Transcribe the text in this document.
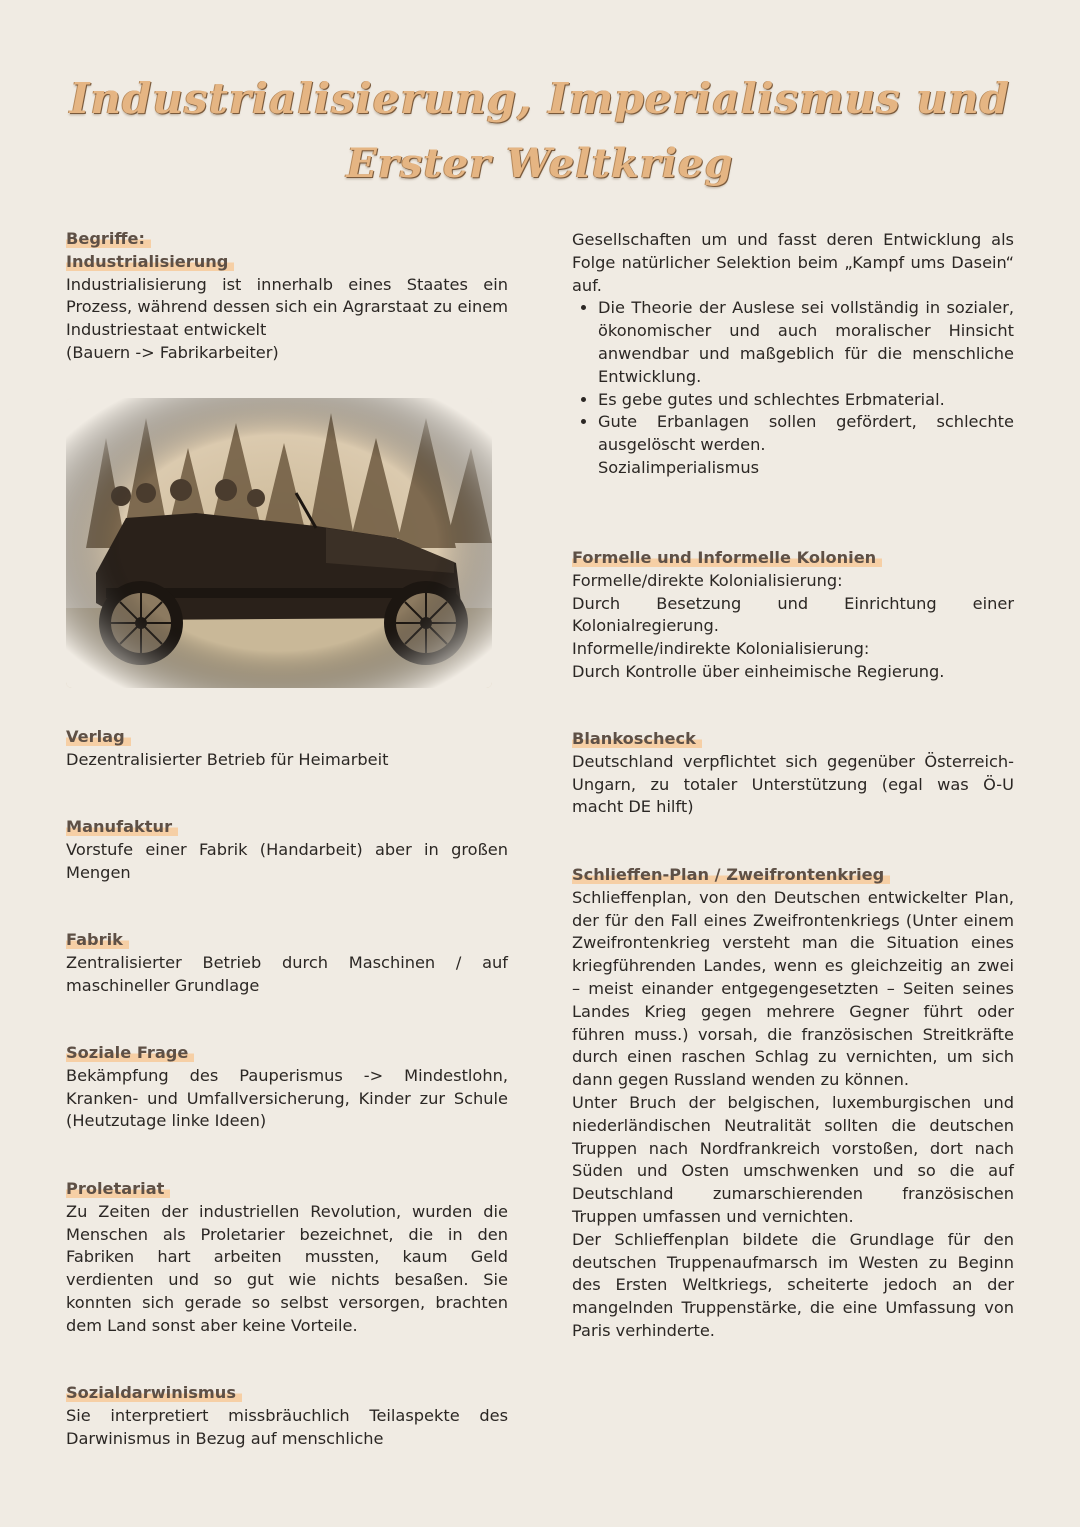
Industrialisierung, Imperialismus und
Erster Weltkrieg
Begriffe:
Industrialisierung

Industrialisierung ist innerhalb eines Staates ein Prozess, während dessen sich ein Agrarstaat zu einem Industriestaat entwickelt

(Bauern -> Fabrikarbeiter)

Verlag

Dezentralisierter Betrieb für Heimarbeit

Manufaktur

Vorstufe einer Fabrik (Handarbeit) aber in großen Mengen

Fabrik

Zentralisierter Betrieb durch Maschinen / auf maschineller Grundlage

Soziale Frage

Bekämpfung des Pauperismus -> Mindestlohn, Kranken- und Umfallversicherung, Kinder zur Schule (Heutzutage linke Ideen)

Proletariat

Zu Zeiten der industriellen Revolution, wurden die Menschen als Proletarier bezeichnet, die in den Fabriken hart arbeiten mussten, kaum Geld verdienten und so gut wie nichts besaßen. Sie konnten sich gerade so selbst versorgen, brachten dem Land sonst aber keine Vorteile.

Sozialdarwinismus

Sie interpretiert missbräuchlich Teilaspekte des Darwinismus in Bezug auf menschliche

Gesellschaften um und fasst deren Entwicklung als Folge natürlicher Selektion beim „Kampf ums Dasein“ auf.

• Die Theorie der Auslese sei vollständig in sozialer, ökonomischer und auch moralischer Hinsicht anwendbar und maßgeblich für die menschliche Entwicklung.
• Es gebe gutes und schlechtes Erbmaterial.
• Gute Erbanlagen sollen gefördert, schlechte ausgelöscht werden.
Sozialimperialismus
Formelle und Informelle Kolonien
Formelle/direkte Kolonialisierung:

Durch Besetzung und Einrichtung einer Kolonialregierung.

Informelle/indirekte Kolonialisierung:

Durch Kontrolle über einheimische Regierung.

Blankoscheck

Deutschland verpflichtet sich gegenüber Österreich-Ungarn, zu totaler Unterstützung (egal was Ö-U macht DE hilft)

Schlieffen-Plan / Zweifrontenkrieg

Schlieffenplan, von den Deutschen entwickelter Plan, der für den Fall eines Zweifrontenkriegs (Unter einem Zweifrontenkrieg versteht man die Situation eines kriegführenden Landes, wenn es gleichzeitig an zwei – meist einander entgegengesetzten – Seiten seines Landes Krieg gegen mehrere Gegner führt oder führen muss.) vorsah, die französischen Streitkräfte durch einen raschen Schlag zu vernichten, um sich dann gegen Russland wenden zu können.

Unter Bruch der belgischen, luxemburgischen und niederländischen Neutralität sollten die deutschen Truppen nach Nordfrankreich vorstoßen, dort nach Süden und Osten umschwenken und so die auf Deutschland zumarschierenden französischen Truppen umfassen und vernichten.

Der Schlieffenplan bildete die Grundlage für den deutschen Truppenaufmarsch im Westen zu Beginn des Ersten Weltkriegs, scheiterte jedoch an der mangelnden Truppenstärke, die eine Umfassung von Paris verhinderte.
